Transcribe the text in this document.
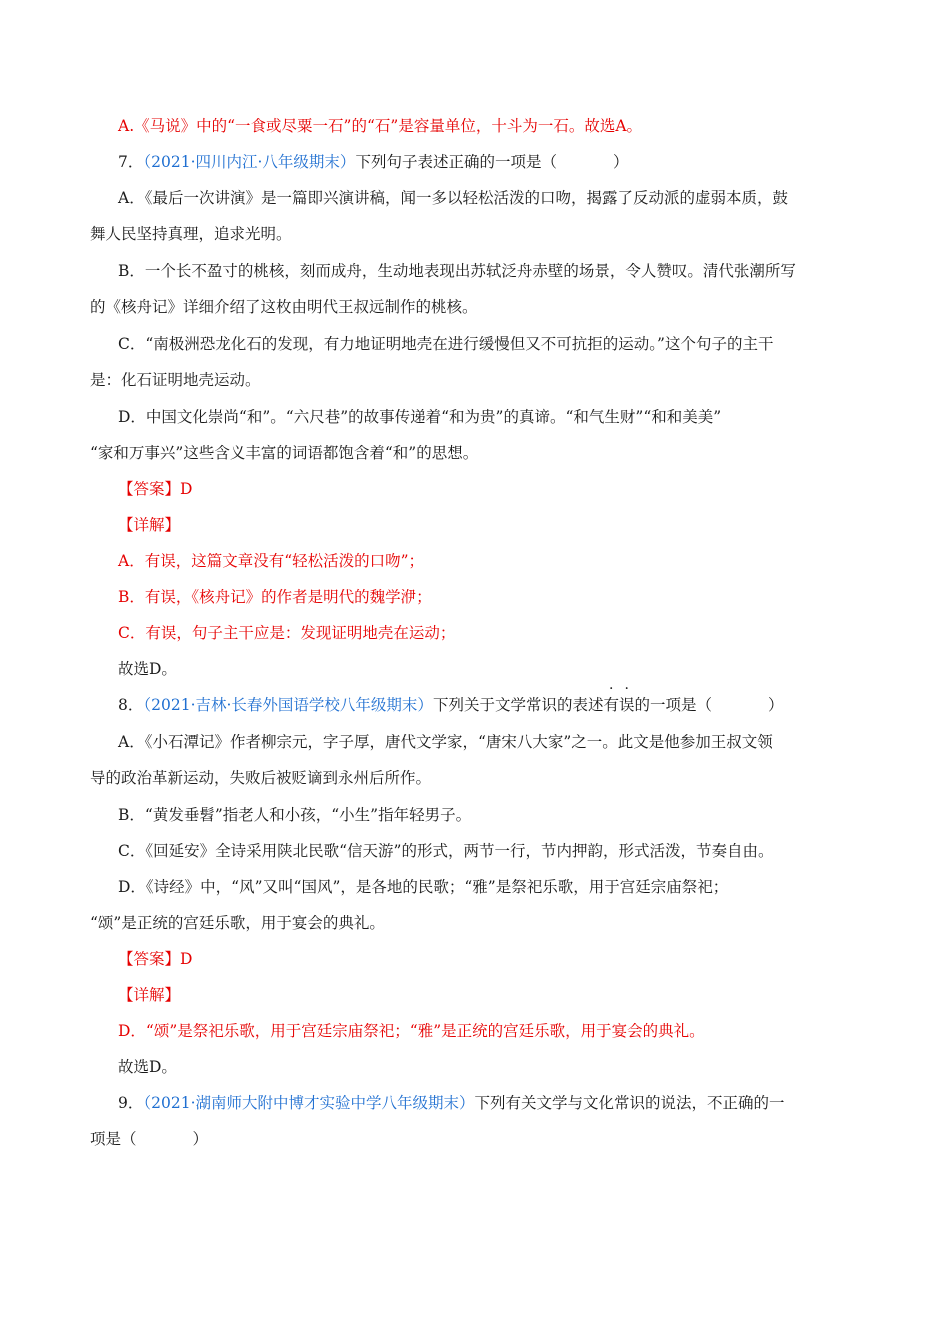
A.《马说》中的“一食或尽粟一石”的“石”是容量单位，十斗为一石。故选A。
7．（2021·四川内江·八年级期末）下列句子表述正确的一项是（	）
A．《最后一次讲演》是一篇即兴演讲稿，闻一多以轻松活泼的口吻，揭露了反动派的虚弱本质，鼓
舞人民坚持真理，追求光明。
B．一个长不盈寸的桃核，刻而成舟，生动地表现出苏轼泛舟赤壁的场景，令人赞叹。清代张潮所写
的《核舟记》详细介绍了这枚由明代王叔远制作的桃核。
C．“南极洲恐龙化石的发现，有力地证明地壳在进行缓慢但又不可抗拒的运动。”这个句子的主干
是：化石证明地壳运动。
D．中国文化崇尚“和”。“六尺巷”的故事传递着“和为贵”的真谛。“和气生财”“和和美美”
“家和万事兴”这些含义丰富的词语都饱含着“和”的思想。
【答案】D
【详解】
A．有误，这篇文章没有“轻松活泼的口吻”；
B．有误，《核舟记》的作者是明代的魏学洢；
C．有误，句子主干应是：发现证明地壳在运动；
故选D。
8．（2021·吉林·长春外国语学校八年级期末）下列关于文学常识的表述有误的一项是（	）
A．《小石潭记》作者柳宗元，字子厚，唐代文学家，“唐宋八大家”之一。此文是他参加王叔文领
导的政治革新运动，失败后被贬谪到永州后所作。
B．“黄发垂髫”指老人和小孩，“小生”指年轻男子。
C．《回延安》全诗采用陕北民歌“信天游”的形式，两节一行，节内押韵，形式活泼，节奏自由。
D．《诗经》中，“风”又叫“国风”，是各地的民歌；“雅”是祭祀乐歌，用于宫廷宗庙祭祀；
“颂”是正统的宫廷乐歌，用于宴会的典礼。
【答案】D
【详解】
D．“颂”是祭祀乐歌，用于宫廷宗庙祭祀；“雅”是正统的宫廷乐歌，用于宴会的典礼。
故选D。
9．（2021·湖南师大附中博才实验中学八年级期末）下列有关文学与文化常识的说法，不正确的一
项是（	）
